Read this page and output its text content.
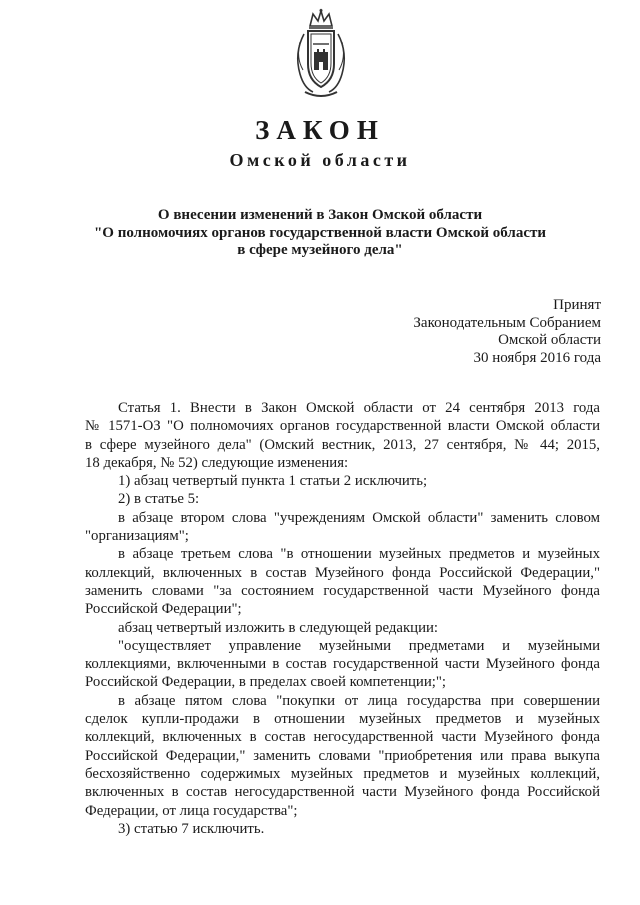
ЗАКОН
Омской области
О внесении изменений в Закон Омской области
"О полномочиях органов государственной власти Омской области
в сфере музейного дела"
Принят
Законодательным Собранием
Омской области
30 ноября 2016 года
Статья 1. Внести в Закон Омской области от 24 сентября 2013 года
№ 1571-ОЗ "О полномочиях органов государственной власти Омской области
в сфере музейного дела" (Омский вестник, 2013, 27 сентября, № 44; 2015,
18 декабря, № 52) следующие изменения:
1) абзац четвертый пункта 1 статьи 2 исключить;
2) в статье 5:
в абзаце втором слова "учреждениям Омской области" заменить словом
"организациям";
в абзаце третьем слова "в отношении музейных предметов и музейных
коллекций, включенных в состав Музейного фонда Российской Федерации,"
заменить словами "за состоянием государственной части Музейного фонда
Российской Федерации";
абзац четвертый изложить в следующей редакции:
"осуществляет управление музейными предметами и музейными
коллекциями, включенными в состав государственной части Музейного фонда
Российской Федерации, в пределах своей компетенции;";
в абзаце пятом слова "покупки от лица государства при совершении
сделок купли-продажи в отношении музейных предметов и музейных
коллекций, включенных в состав негосударственной части Музейного фонда
Российской Федерации," заменить словами "приобретения или права выкупа
бесхозяйственно содержимых музейных предметов и музейных коллекций,
включенных в состав негосударственной части Музейного фонда Российской
Федерации, от лица государства";
3) статью 7 исключить.
